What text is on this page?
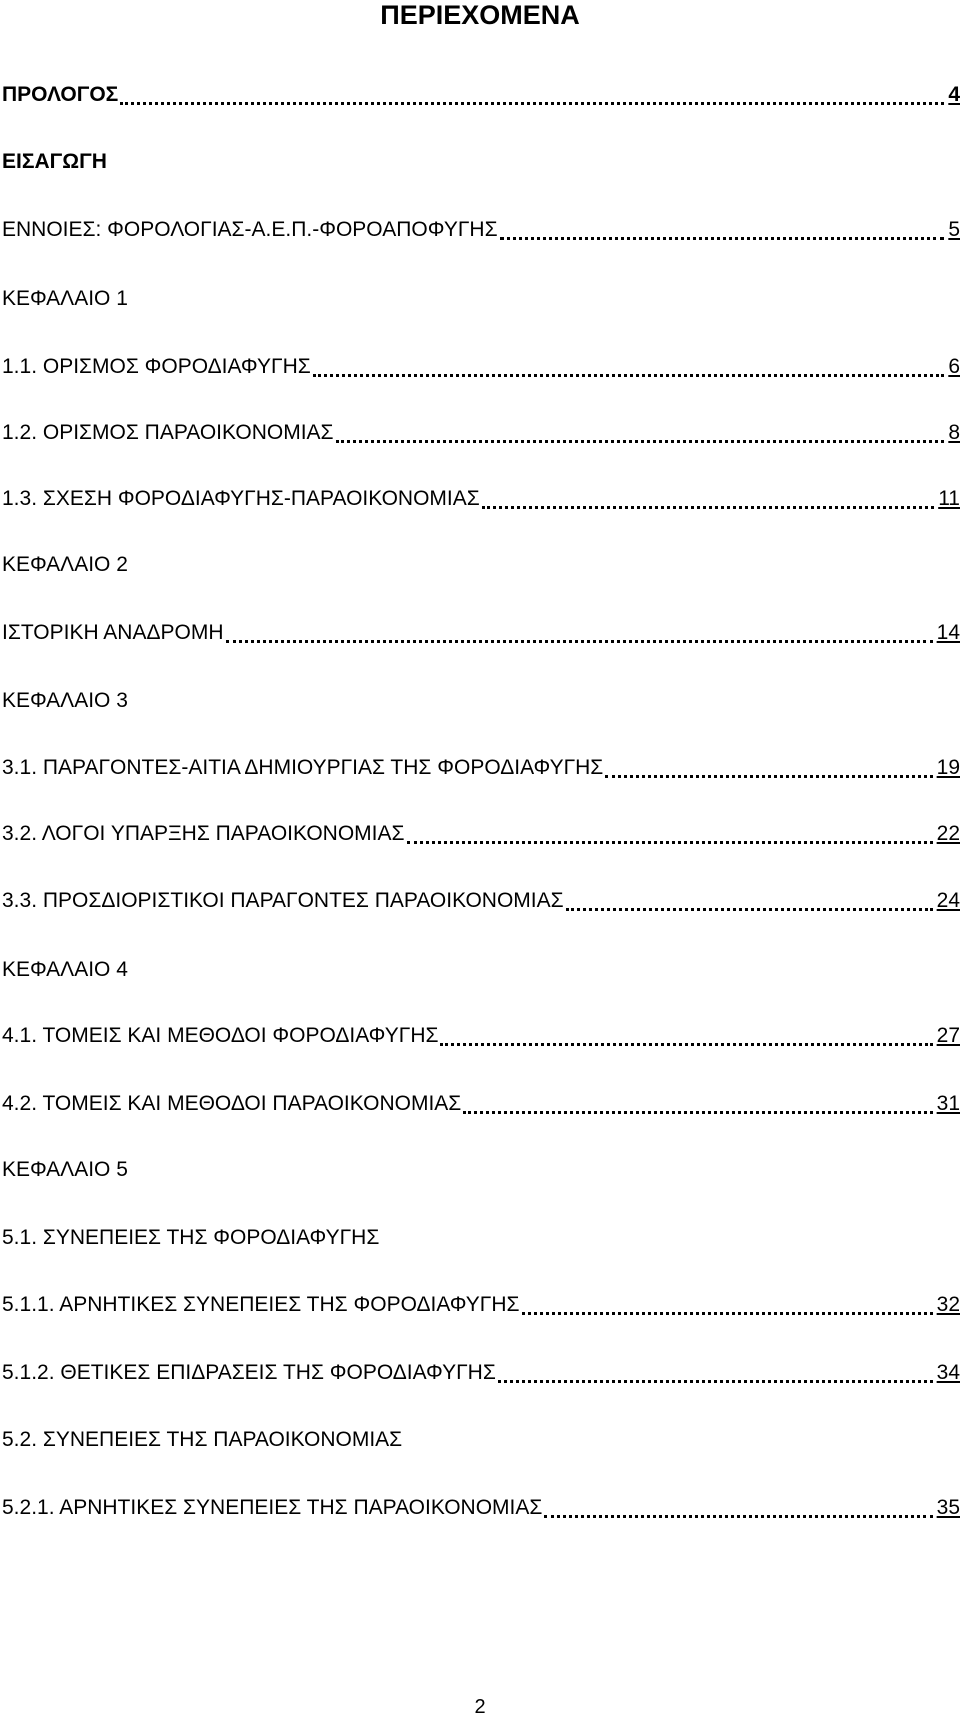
ΠΕΡΙΕΧΟΜΕΝΑ
ΠΡΟΛΟΓΟΣ	4
ΕΙΣΑΓΩΓΗ
ΕΝΝΟΙΕΣ: ΦΟΡΟΛΟΓΙΑΣ-Α.Ε.Π.-ΦΟΡΟΑΠΟΦΥΓΗΣ	5
ΚΕΦΑΛΑΙΟ 1
1.1. ΟΡΙΣΜΟΣ ΦΟΡΟΔΙΑΦΥΓΗΣ	6
1.2. ΟΡΙΣΜΟΣ ΠΑΡΑΟΙΚΟΝΟΜΙΑΣ	8
1.3. ΣΧΕΣΗ ΦΟΡΟΔΙΑΦΥΓΗΣ-ΠΑΡΑΟΙΚΟΝΟΜΙΑΣ	11
ΚΕΦΑΛΑΙΟ 2
ΙΣΤΟΡΙΚΗ ΑΝΑΔΡΟΜΗ	14
ΚΕΦΑΛΑΙΟ 3
3.1. ΠΑΡΑΓΟΝΤΕΣ-ΑΙΤΙΑ ΔΗΜΙΟΥΡΓΙΑΣ ΤΗΣ ΦΟΡΟΔΙΑΦΥΓΗΣ	19
3.2. ΛΟΓΟΙ ΥΠΑΡΞΗΣ ΠΑΡΑΟΙΚΟΝΟΜΙΑΣ	22
3.3. ΠΡΟΣΔΙΟΡΙΣΤΙΚΟΙ ΠΑΡΑΓΟΝΤΕΣ ΠΑΡΑΟΙΚΟΝΟΜΙΑΣ	24
ΚΕΦΑΛΑΙΟ 4
4.1. ΤΟΜΕΙΣ ΚΑΙ ΜΕΘΟΔΟΙ ΦΟΡΟΔΙΑΦΥΓΗΣ	27
4.2. ΤΟΜΕΙΣ ΚΑΙ ΜΕΘΟΔΟΙ ΠΑΡΑΟΙΚΟΝΟΜΙΑΣ	31
ΚΕΦΑΛΑΙΟ 5
5.1. ΣΥΝΕΠΕΙΕΣ ΤΗΣ ΦΟΡΟΔΙΑΦΥΓΗΣ
5.1.1. ΑΡΝΗΤΙΚΕΣ ΣΥΝΕΠΕΙΕΣ ΤΗΣ ΦΟΡΟΔΙΑΦΥΓΗΣ	32
5.1.2. ΘΕΤΙΚΕΣ ΕΠΙΔΡΑΣΕΙΣ ΤΗΣ ΦΟΡΟΔΙΑΦΥΓΗΣ	34
5.2. ΣΥΝΕΠΕΙΕΣ ΤΗΣ ΠΑΡΑΟΙΚΟΝΟΜΙΑΣ
5.2.1. ΑΡΝΗΤΙΚΕΣ ΣΥΝΕΠΕΙΕΣ ΤΗΣ ΠΑΡΑΟΙΚΟΝΟΜΙΑΣ	35
2
